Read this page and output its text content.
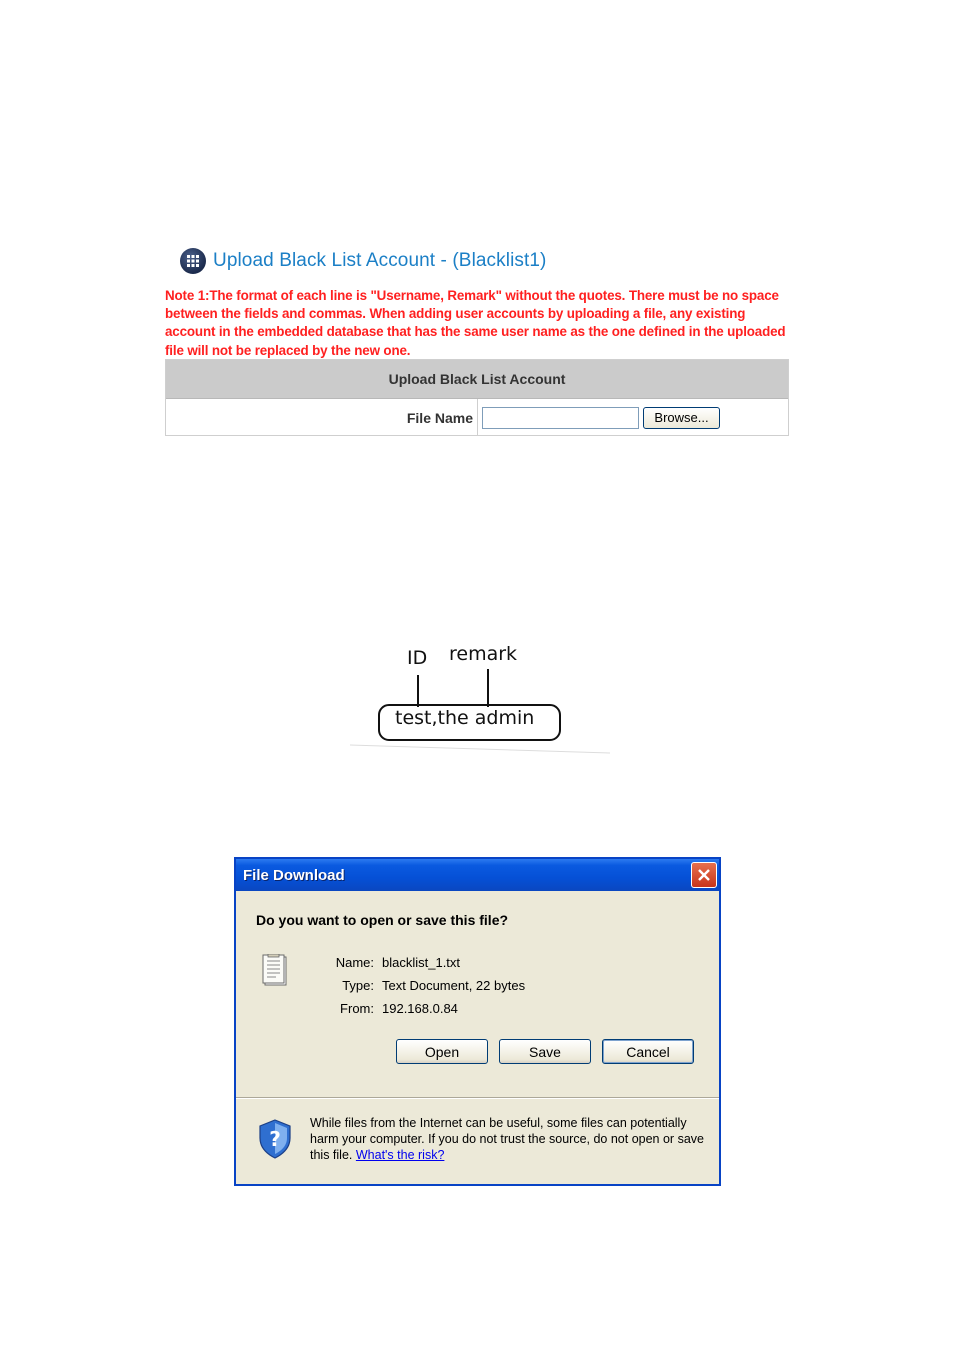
Upload Black List Account - (Blacklist1)
Note 1:The format of each line is "Username, Remark" without the quotes. There must be no space between the fields and commas. When adding user accounts by uploading a file, any existing account in the embedded database that has the same user name as the one defined in the uploaded file will not be replaced by the new one.
Upload Black List Account
File Name	Browse...
ID remark
test,the admin
File Download
Do you want to open or save this file?
Name: blacklist_1.txt
Type: Text Document, 22 bytes
From: 192.168.0.84
Open	Save	Cancel
?
While files from the Internet can be useful, some files can potentially harm your computer. If you do not trust the source, do not open or save this file. What's the risk?
